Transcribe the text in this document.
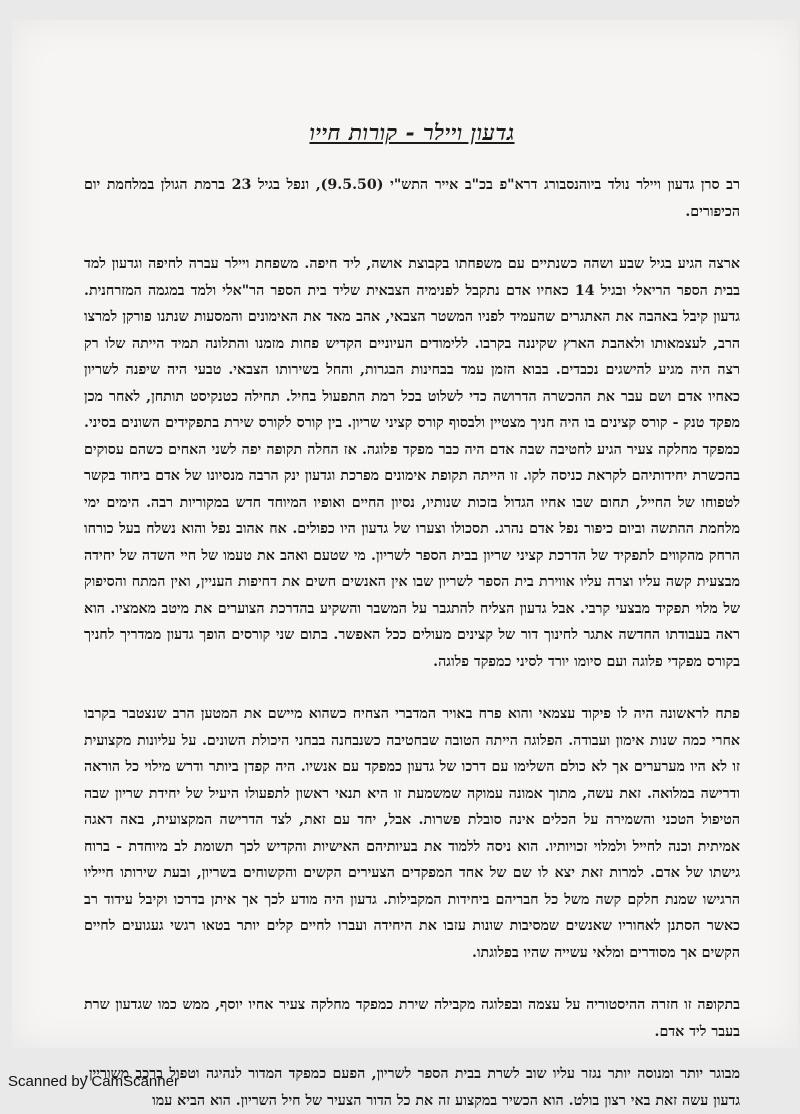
גדעון ויילר - קורות חייו

רב סרן גדעון ויילר נולד ביוהנסבורג דרא"פ בכ"ב אייר התש"י (9.5.50), ונפל בגיל 23 ברמת הגולן במלחמת יום הכיפורים.

ארצה הגיע בגיל שבע ושהה כשנתיים עם משפחתו בקבוצת אושה, ליד חיפה. משפחת ויילר עברה לחיפה וגדעון למד בבית הספר הריאלי ובגיל 14 כאחיו אדם נתקבל לפנימיה הצבאית שליד בית הספר הר"אלי ולמד במגמה המזרחנית. גדעון קיבל באהבה את האתגרים שהעמיד לפניו המשטר הצבאי, אהב מאד את האימונים והמסעות שנתנו פורקן למרצו הרב, לעצמאותו ולאהבת הארץ שקיננה בקרבו. ללימודים העיוניים הקדיש פחות מזמנו והתלונה תמיד הייתה שלו רק רצה היה מגיע להישגים נכבדים. בבוא הזמן עמד בבחינות הבגרות, והחל בשירותו הצבאי. טבעי היה שיפנה לשריון כאחיו אדם ושם עבר את ההכשרה הדרושה כדי לשלוט בכל רמת התפעול בחיל. תחילה כטנקיסט תותחן, לאחר מכן מפקד טנק - קורס קצינים בו היה חניך מצטיין ולבסוף קורס קציני שריון. בין קורס לקורס שירת בתפקידים השונים בסיני. כמפקד מחלקה צעיר הגיע לחטיבה שבה אדם היה כבר מפקד פלוגה. אז החלה תקופה יפה לשני האחים כשהם עסוקים בהכשרת יחידותיהם לקראת כניסה לקו. זו הייתה תקופת אימונים מפרכת וגדעון ינק הרבה מנסיונו של אדם ביחוד בקשר לטפוחו של החייל, תחום שבו אחיו הגדול בזכות שנותיו, נסיון החיים ואופיו המיוחד חדש במקוריות רבה. הימים ימי מלחמת ההתשה וביום כיפור נפל אדם נהרג. תסכולו וצערו של גדעון היו כפולים. אח אהוב נפל והוא נשלח בעל כורחו הרחק מהקווים לתפקיד של הדרכת קציני שריון בבית הספר לשריון. מי שטעם ואהב את טעמו של חיי השדה של יחידה מבצעית קשה עליו וצרה עליו אווירת בית הספר לשריון שבו אין האנשים חשים את דחיפות העניין, ואין המתח והסיפוק של מלוי תפקיד מבצעי קרבי. אבל גדעון הצליח להתגבר על המשבר והשקיע בהדרכת הצוערים את מיטב מאמציו. הוא ראה בעבודתו החדשה אתגר לחינוך דור של קצינים מעולים ככל האפשר. בתום שני קורסים הופך גדעון ממדריך לחניך בקורס מפקדי פלוגה ועם סיומו יורד לסיני כמפקד פלוגה.

פתח לראשונה היה לו פיקוד עצמאי והוא פרח באויר המדברי הצחיח כשהוא מיישם את המטען הרב שנצטבר בקרבו אחרי כמה שנות אימון ועבודה. הפלוגה הייתה הטובה שבחטיבה כשנבחנה בבחני היכולת השונים. על עליונות מקצועית זו לא היו מערערים אך לא כולם השלימו עם דרכו של גדעון כמפקד עם אנשיו. היה קפדן ביותר ודרש מילוי כל הוראה ודרישה במלואה. זאת עשה, מתוך אמונה עמוקה שמשמעת זו היא תנאי ראשון לתפעולו היעיל של יחידת שריון שבה הטיפול הטכני והשמירה על הכלים אינה סובלת פשרות. אבל, יחד עם זאת, לצד הדרישה המקצועית, באה דאגה אמיתית וכנה לחייל ולמלוי זכויותיו. הוא ניסה ללמוד את בעיותיהם האישיות והקדיש לכך תשומת לב מיוחדת - ברוח גישתו של אדם. למרות זאת יצא לו שם של אחד המפקדים הצעירים הקשים והקשוחים בשריון, ובעת שירותו חייליו הרגישו שמנת חלקם קשה משל כל חבריהם ביחידות המקבילות. גדעון היה מודע לכך אך איתן בדרכו וקיבל עידוד רב כאשר הסתנן לאחוריו שאנשים שמסיבות שונות עזבו את היחידה ועברו לחיים קלים יותר בטאו רגשי געגועים לחיים הקשים אך מסודרים ומלאי עשייה שהיו בפלוגתו.

בתקופה זו חזרה ההיסטוריה על עצמה ובפלוגה מקבילה שירת כמפקד מחלקה צעיר אחיו יוסף, ממש כמו שגדעון שרת בעבר ליד אדם.

מבוגר יותר ומנוסה יותר נגזר עליו שוב לשרת בבית הספר לשריון, הפעם כמפקד המדור לנהיגה וטפול ברכב משוריין. גדעון עשה זאת באי רצון בולט. הוא הכשיר במקצוע זה את כל הדור הצעיר של חיל השריון. הוא הביא עמו

Scanned by CamScanner
